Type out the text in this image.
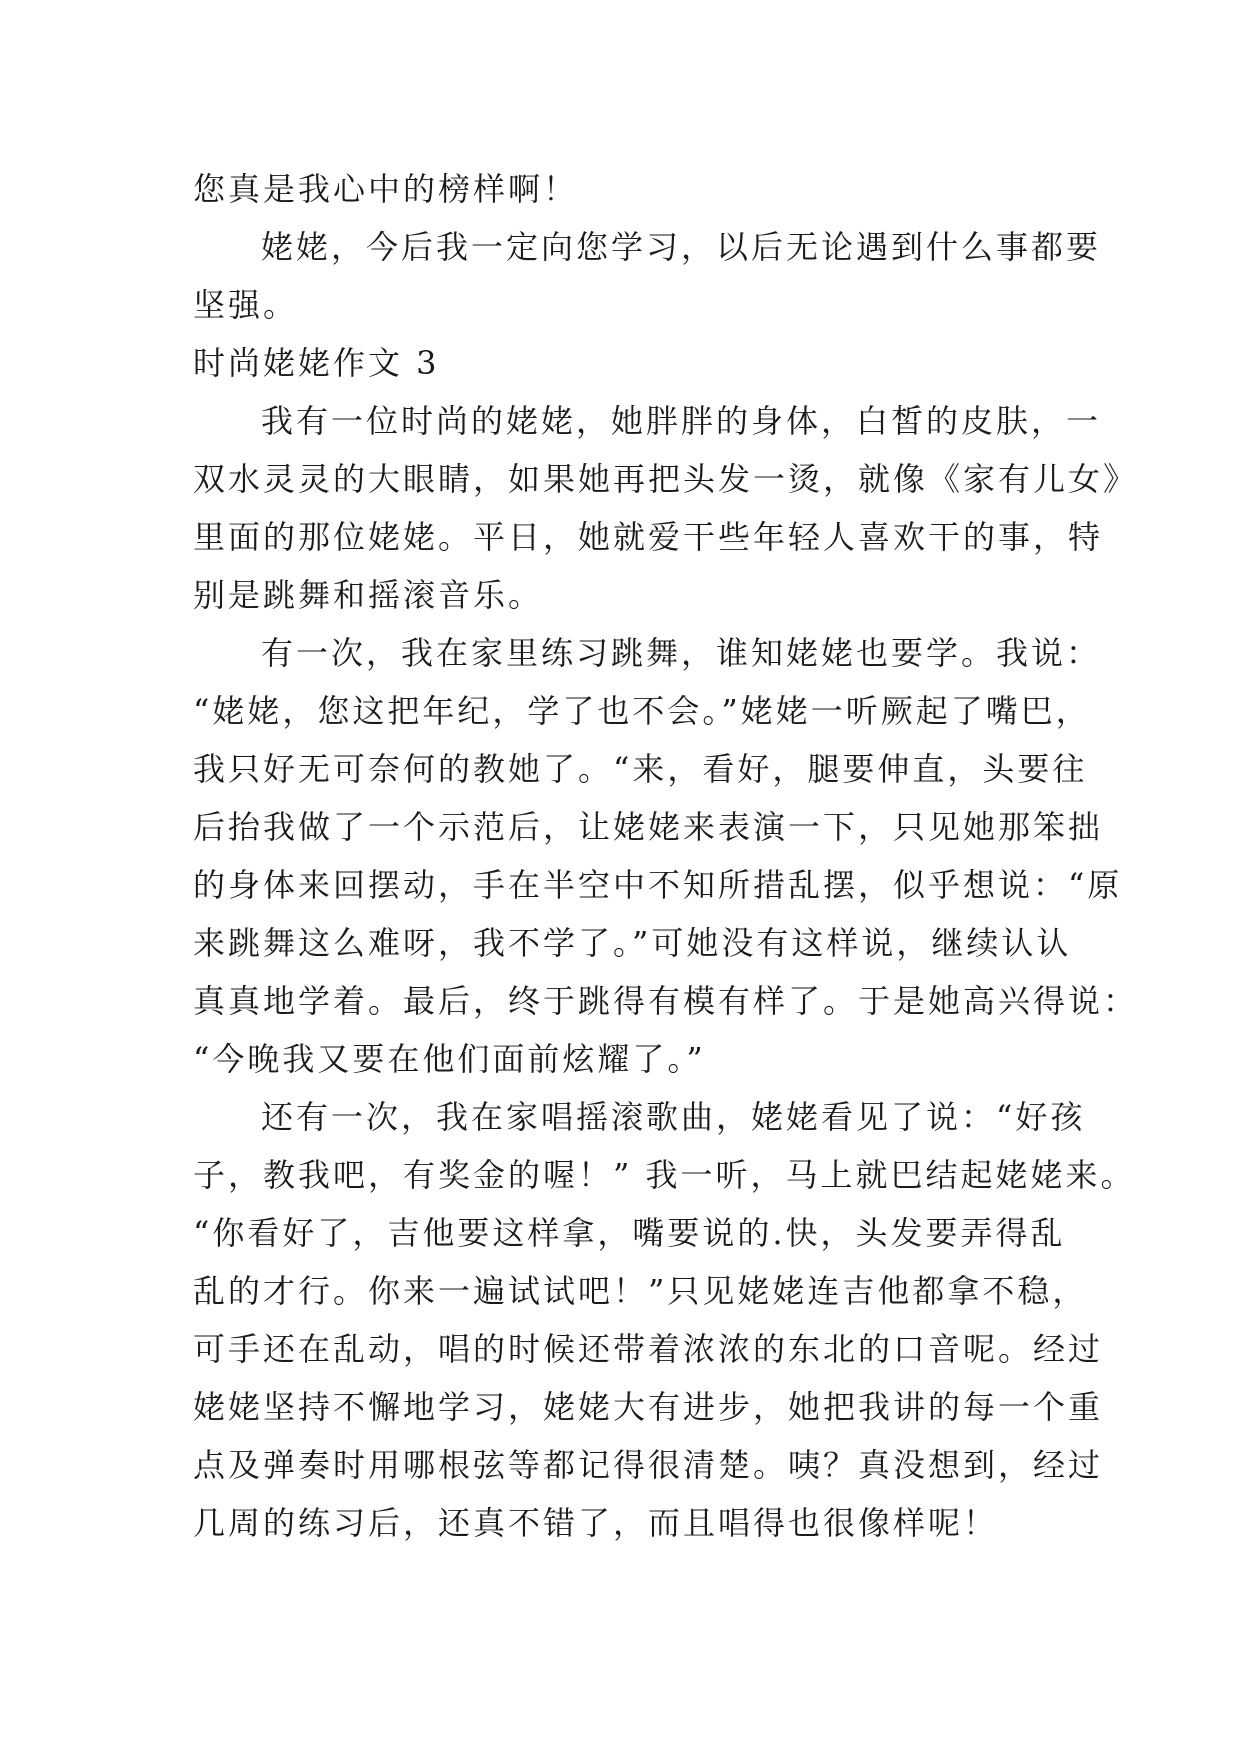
您真是我心中的榜样啊！
姥姥，今后我一定向您学习，以后无论遇到什么事都要
坚强。
时尚姥姥作文 3
我有一位时尚的姥姥，她胖胖的身体，白皙的皮肤，一
双水灵灵的大眼睛，如果她再把头发一烫，就像《家有儿女》
里面的那位姥姥。平日，她就爱干些年轻人喜欢干的事，特
别是跳舞和摇滚音乐。
有一次，我在家里练习跳舞，谁知姥姥也要学。我说：
“姥姥，您这把年纪，学了也不会。”姥姥一听厥起了嘴巴，
我只好无可奈何的教她了。“来，看好，腿要伸直，头要往
后抬我做了一个示范后，让姥姥来表演一下，只见她那笨拙
的身体来回摆动，手在半空中不知所措乱摆，似乎想说：“原
来跳舞这么难呀，我不学了。”可她没有这样说，继续认认
真真地学着。最后，终于跳得有模有样了。于是她高兴得说：
“今晚我又要在他们面前炫耀了。”
还有一次，我在家唱摇滚歌曲，姥姥看见了说：“好孩
子，教我吧，有奖金的喔！” 我一听，马上就巴结起姥姥来。
“你看好了，吉他要这样拿，嘴要说的.快，头发要弄得乱
乱的才行。你来一遍试试吧！”只见姥姥连吉他都拿不稳，
可手还在乱动，唱的时候还带着浓浓的东北的口音呢。经过
姥姥坚持不懈地学习，姥姥大有进步，她把我讲的每一个重
点及弹奏时用哪根弦等都记得很清楚。咦？真没想到，经过
几周的练习后，还真不错了，而且唱得也很像样呢！
